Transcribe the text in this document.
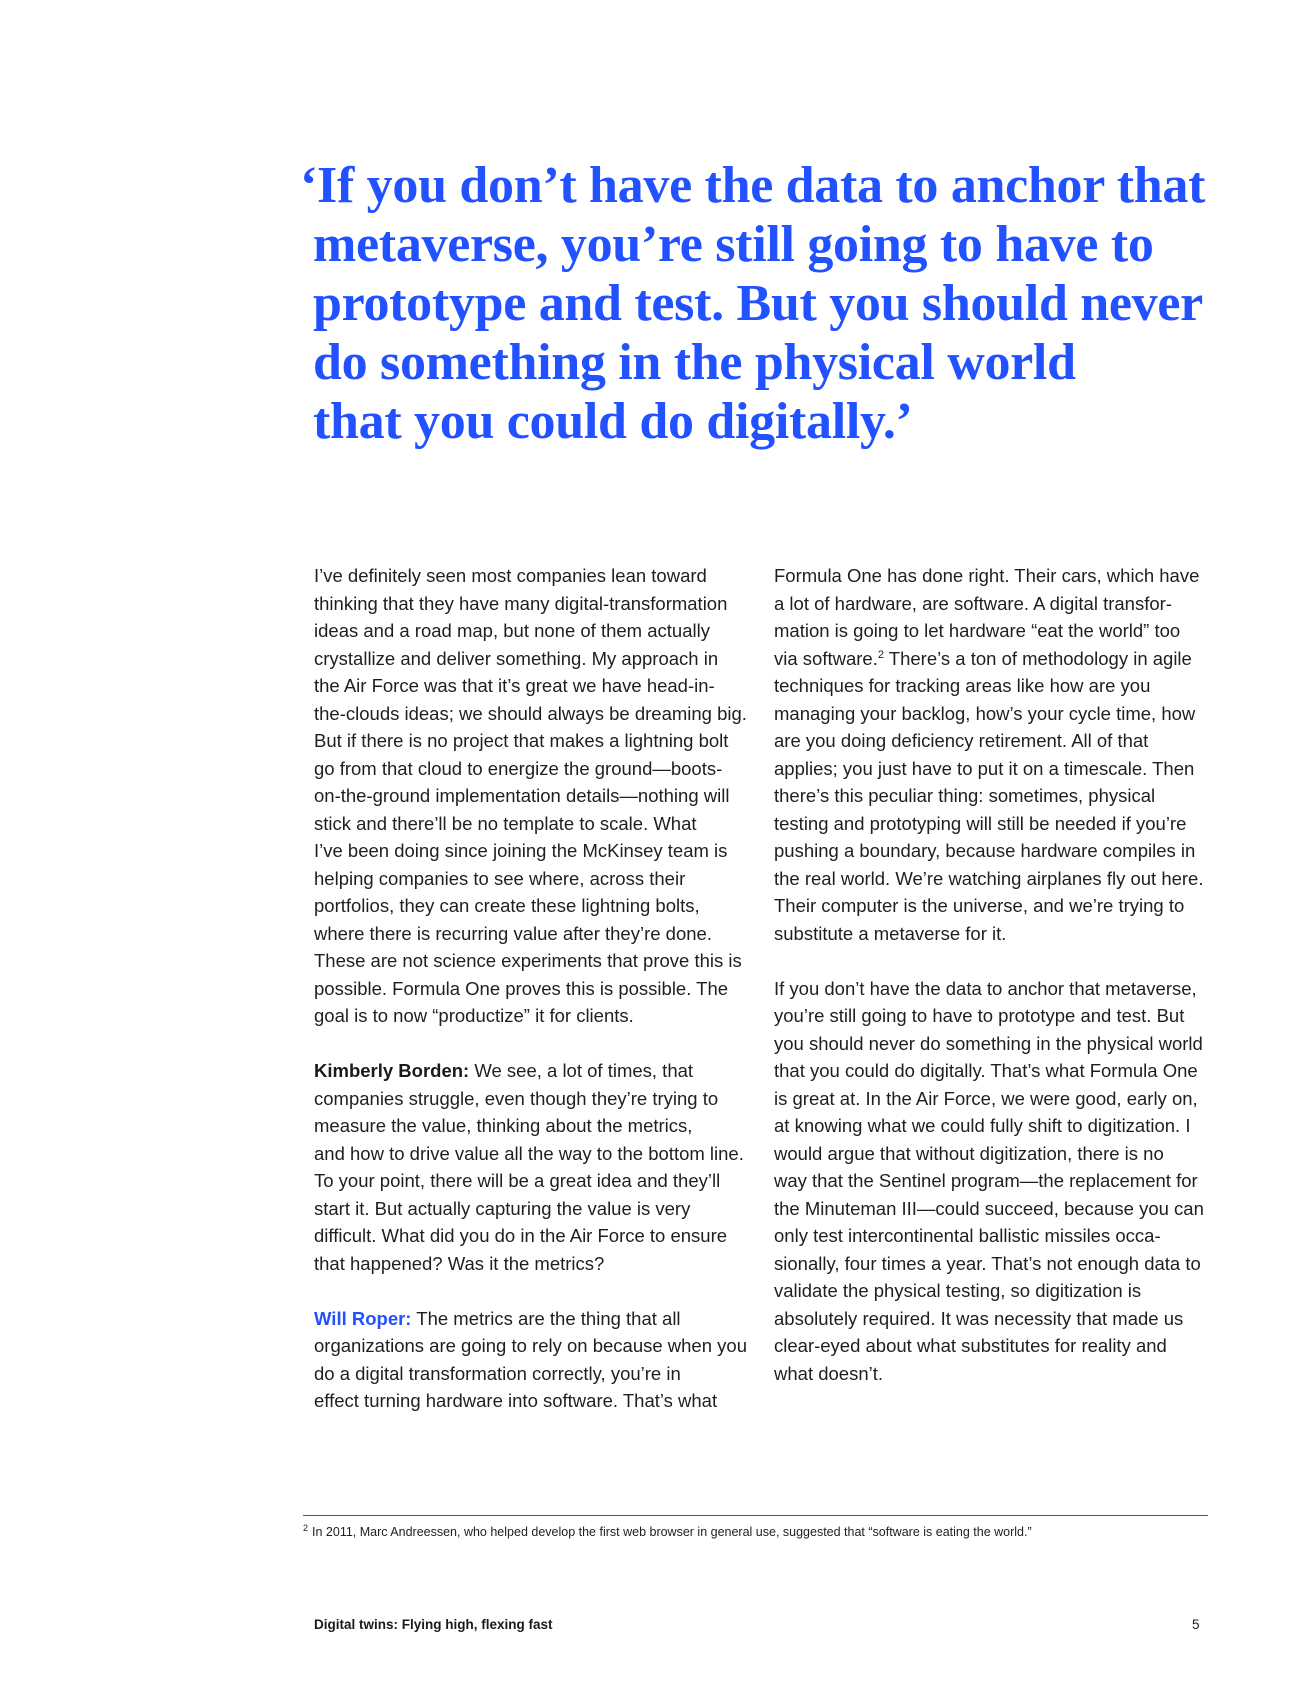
‘If you don’t have the data to anchor that
metaverse, you’re still going to have to
prototype and test. But you should never
do something in the physical world
that you could do digitally.’

I’ve definitely seen most companies lean toward
thinking that they have many digital-transformation
ideas and a road map, but none of them actually
crystallize and deliver something. My approach in
the Air Force was that it’s great we have head-in-
the-clouds ideas; we should always be dreaming big.
But if there is no project that makes a lightning bolt
go from that cloud to energize the ground—boots-
on-the-ground implementation details—nothing will
stick and there’ll be no template to scale. What
I’ve been doing since joining the McKinsey team is
helping companies to see where, across their
portfolios, they can create these lightning bolts,
where there is recurring value after they’re done.
These are not science experiments that prove this is
possible. Formula One proves this is possible. The
goal is to now “productize” it for clients.

Kimberly Borden: We see, a lot of times, that
companies struggle, even though they’re trying to
measure the value, thinking about the metrics,
and how to drive value all the way to the bottom line.
To your point, there will be a great idea and they’ll
start it. But actually capturing the value is very
difficult. What did you do in the Air Force to ensure
that happened? Was it the metrics?

Will Roper: The metrics are the thing that all
organizations are going to rely on because when you
do a digital transformation correctly, you’re in
effect turning hardware into software. That’s what

Formula One has done right. Their cars, which have
a lot of hardware, are software. A digital transfor-
mation is going to let hardware “eat the world” too
via software.$^2$ There’s a ton of methodology in agile
techniques for tracking areas like how are you
managing your backlog, how’s your cycle time, how
are you doing deficiency retirement. All of that
applies; you just have to put it on a timescale. Then
there’s this peculiar thing: sometimes, physical
testing and prototyping will still be needed if you’re
pushing a boundary, because hardware compiles in
the real world. We’re watching airplanes fly out here.
Their computer is the universe, and we’re trying to
substitute a metaverse for it.

If you don’t have the data to anchor that metaverse,
you’re still going to have to prototype and test. But
you should never do something in the physical world
that you could do digitally. That’s what Formula One
is great at. In the Air Force, we were good, early on,
at knowing what we could fully shift to digitization. I
would argue that without digitization, there is no
way that the Sentinel program—the replacement for
the Minuteman III—could succeed, because you can
only test intercontinental ballistic missiles occa-
sionally, four times a year. That’s not enough data to
validate the physical testing, so digitization is
absolutely required. It was necessity that made us
clear-eyed about what substitutes for reality and
what doesn’t.

$^2$ In 2011, Marc Andreessen, who helped develop the first web browser in general use, suggested that “software is eating the world.”
Digital twins: Flying high, flexing fast	5
